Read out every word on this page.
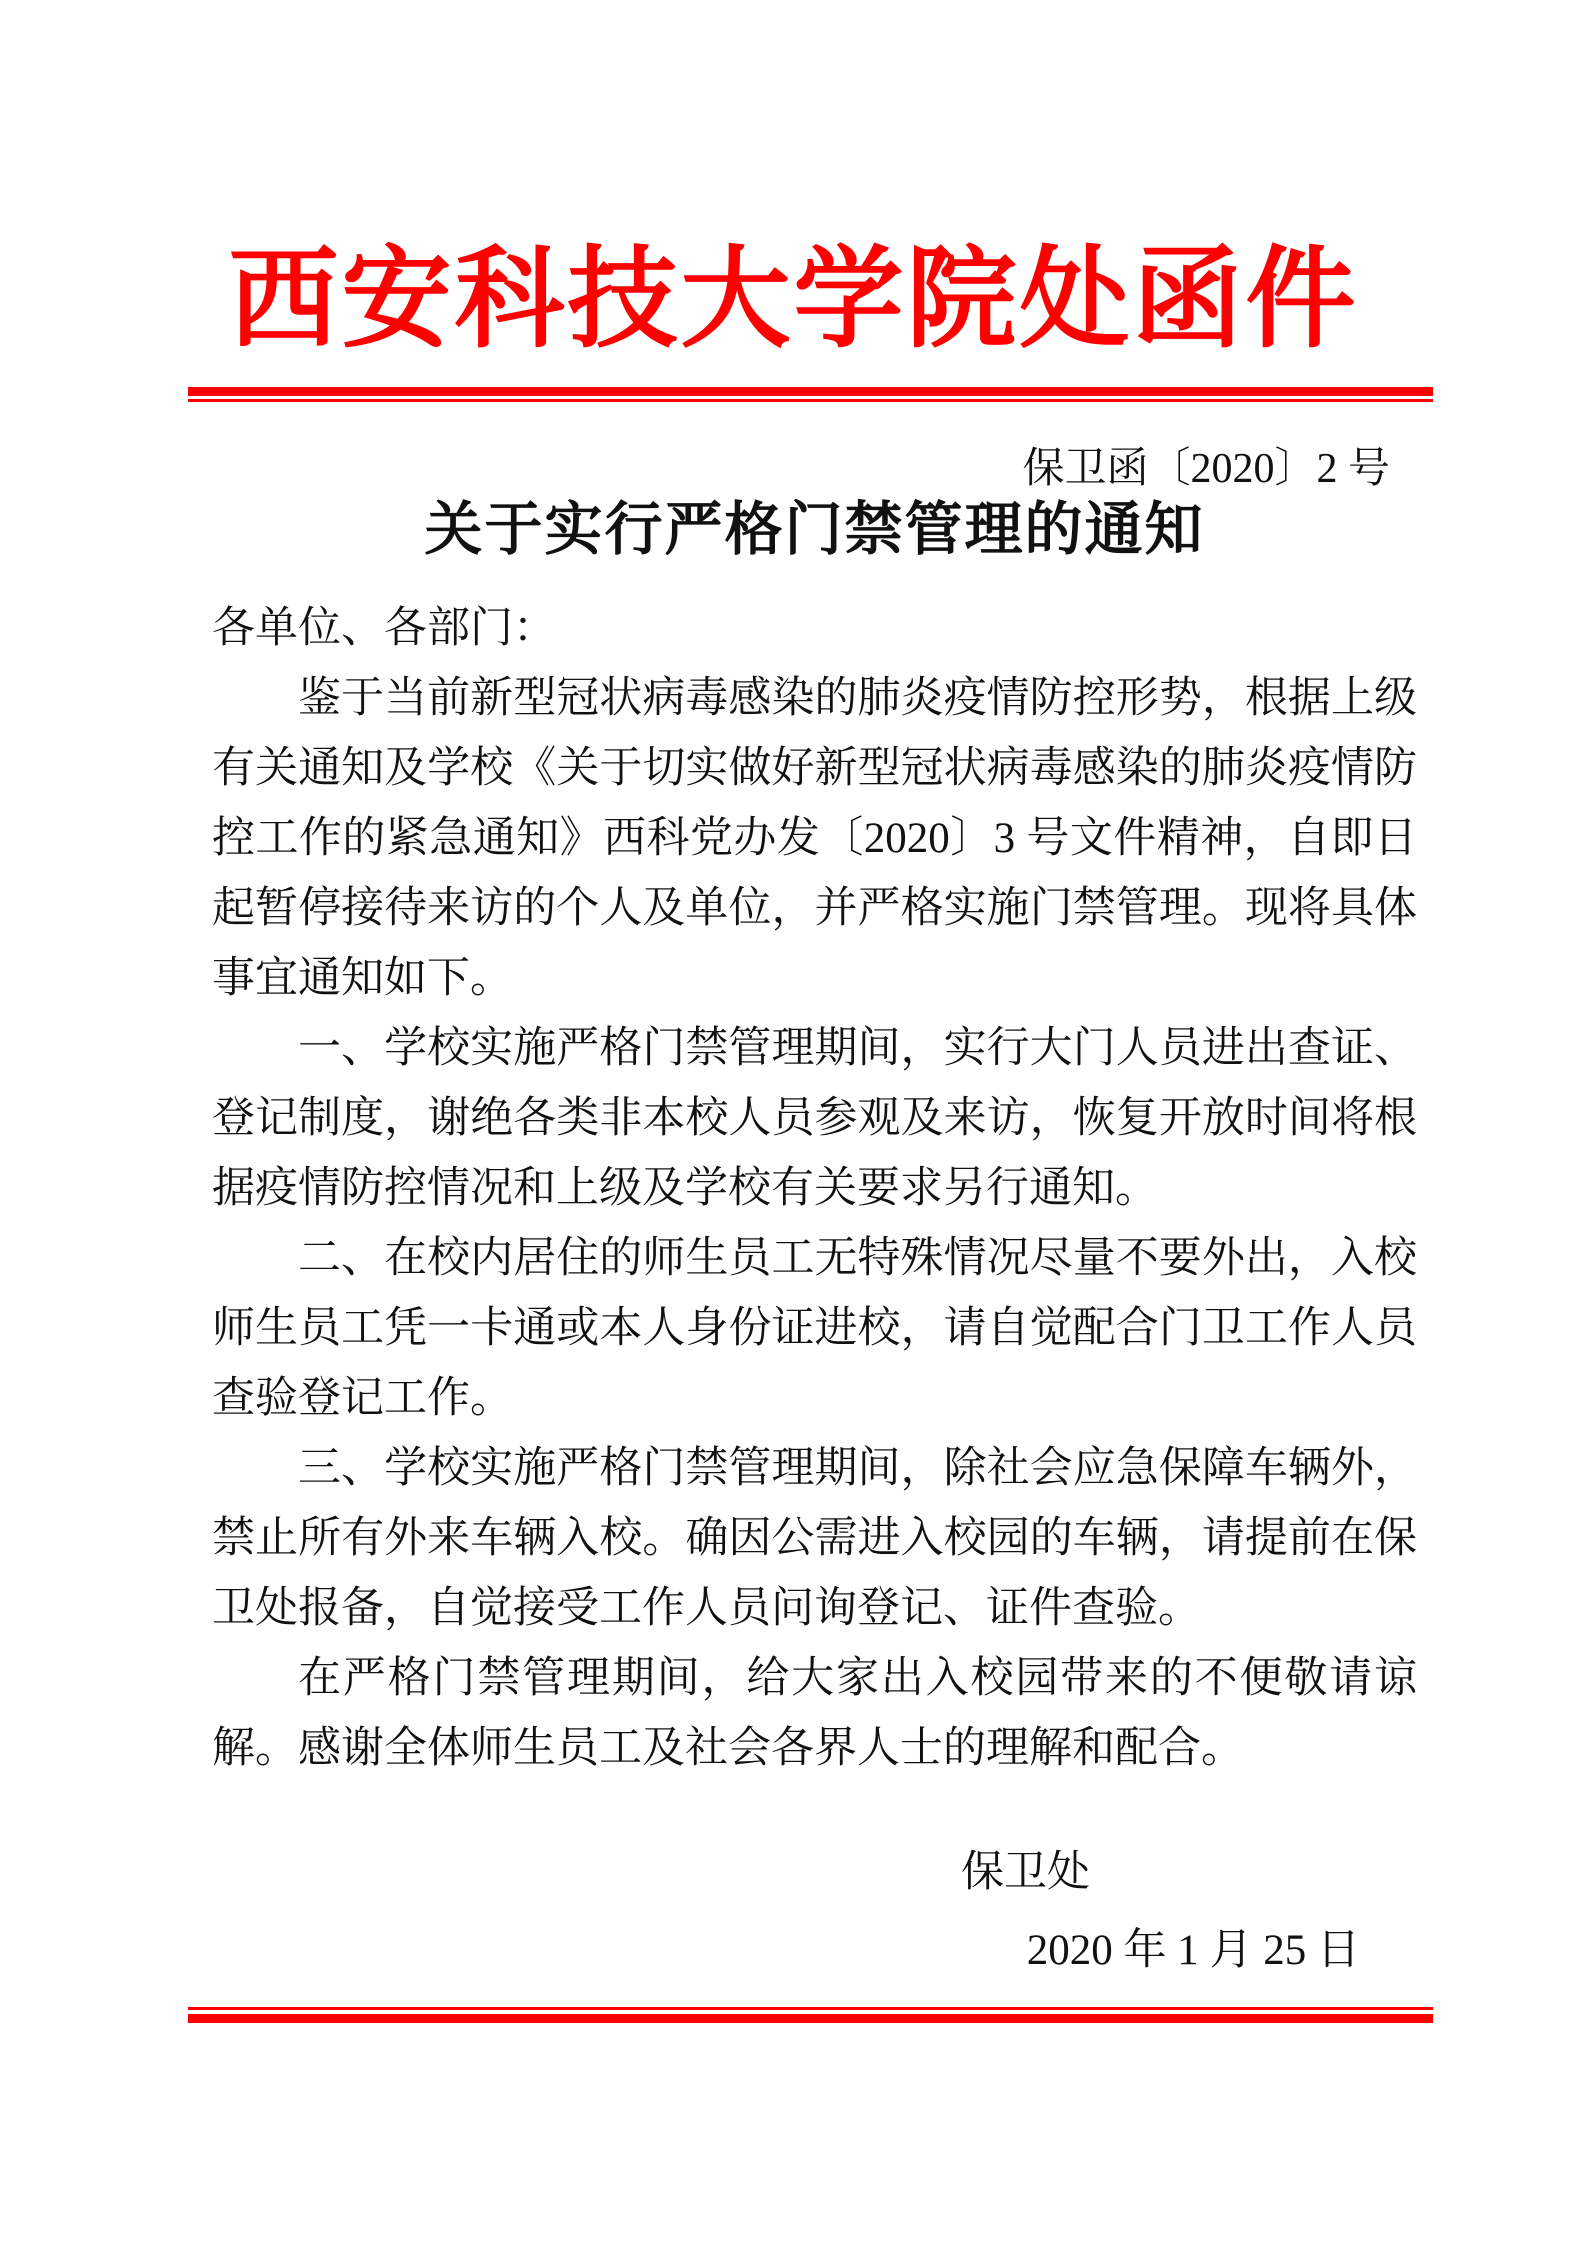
西安科技大学院处函件
保卫函〔2020〕2 号
关于实行严格门禁管理的通知

各单位、各部门：

鉴于当前新型冠状病毒感染的肺炎疫情防控形势，根据上级有关通知及学校《关于切实做好新型冠状病毒感染的肺炎疫情防控工作的紧急通知》西科党办发〔2020〕3 号文件精神，自即日起暂停接待来访的个人及单位，并严格实施门禁管理。现将具体事宜通知如下。

一、学校实施严格门禁管理期间，实行大门人员进出查证、登记制度，谢绝各类非本校人员参观及来访，恢复开放时间将根据疫情防控情况和上级及学校有关要求另行通知。

二、在校内居住的师生员工无特殊情况尽量不要外出，入校师生员工凭一卡通或本人身份证进校，请自觉配合门卫工作人员查验登记工作。

三、学校实施严格门禁管理期间，除社会应急保障车辆外，禁止所有外来车辆入校。确因公需进入校园的车辆，请提前在保卫处报备，自觉接受工作人员问询登记、证件查验。

在严格门禁管理期间，给大家出入校园带来的不便敬请谅解。感谢全体师生员工及社会各界人士的理解和配合。

保卫处
2020 年 1 月 25 日
